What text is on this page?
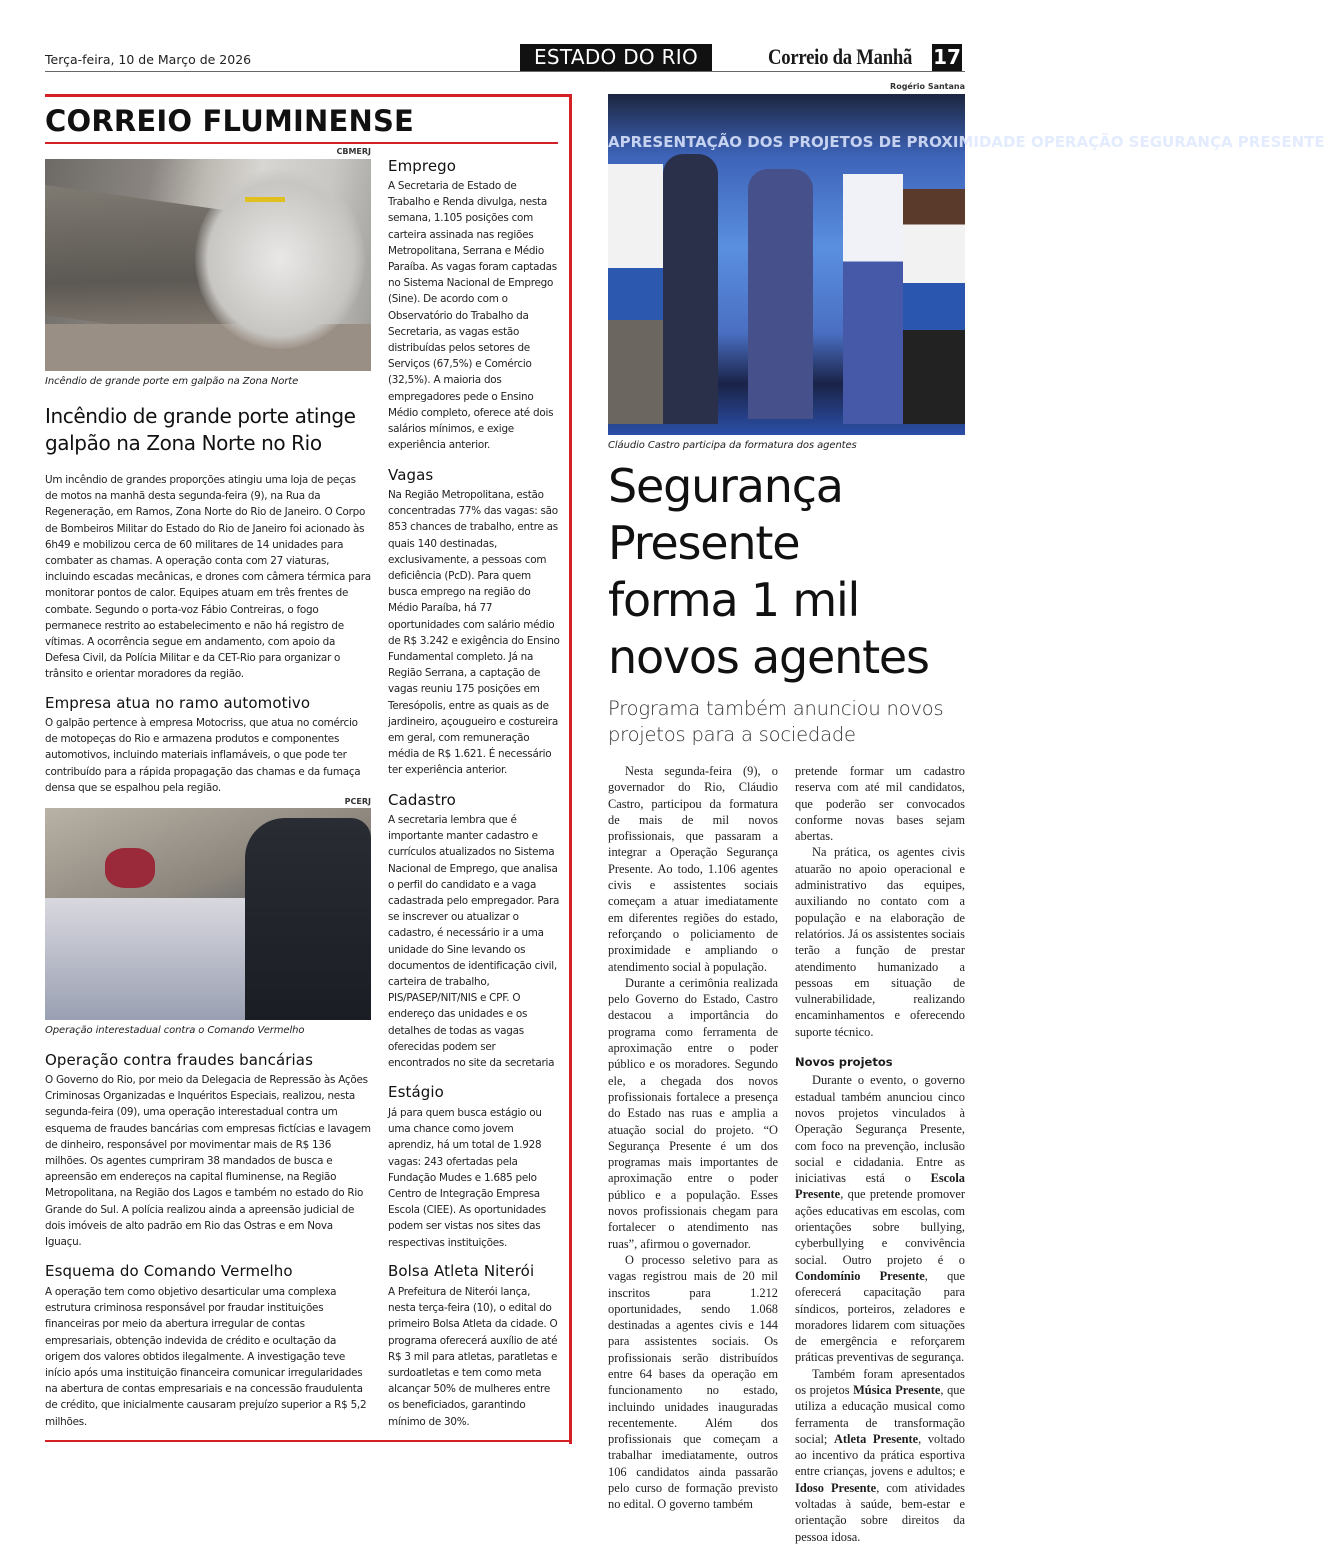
Terça-feira, 10 de Março de 2026	ESTADO DO RIO	Correio da Manhã 17
CORREIO FLUMINENSE
CBMERJ
Incêndio de grande porte em galpão na Zona Norte
Incêndio de grande porte atinge galpão na Zona Norte no Rio
Um incêndio de grandes proporções atingiu uma loja de peças de motos na manhã desta segunda-feira (9), na Rua da Regeneração, em Ramos, Zona Norte do Rio de Janeiro. O Corpo de Bombeiros Militar do Estado do Rio de Janeiro foi acionado às 6h49 e mobilizou cerca de 60 militares de 14 unidades para combater as chamas. A operação conta com 27 viaturas, incluindo escadas mecânicas, e drones com câmera térmica para monitorar pontos de calor. Equipes atuam em três frentes de combate. Segundo o porta-voz Fábio Contreiras, o fogo permanece restrito ao estabelecimento e não há registro de vítimas. A ocorrência segue em andamento, com apoio da Defesa Civil, da Polícia Militar e da CET-Rio para organizar o trânsito e orientar moradores da região.
Empresa atua no ramo automotivo
O galpão pertence à empresa Motocriss, que atua no comércio de motopeças do Rio e armazena produtos e componentes automotivos, incluindo materiais inflamáveis, o que pode ter contribuído para a rápida propagação das chamas e da fumaça densa que se espalhou pela região.
PCERJ
Operação interestadual contra o Comando Vermelho
Operação contra fraudes bancárias
O Governo do Rio, por meio da Delegacia de Repressão às Ações Criminosas Organizadas e Inquéritos Especiais, realizou, nesta segunda-feira (09), uma operação interestadual contra um esquema de fraudes bancárias com empresas fictícias e lavagem de dinheiro, responsável por movimentar mais de R$ 136 milhões. Os agentes cumpriram 38 mandados de busca e apreensão em endereços na capital fluminense, na Região Metropolitana, na Região dos Lagos e também no estado do Rio Grande do Sul. A polícia realizou ainda a apreensão judicial de dois imóveis de alto padrão em Rio das Ostras e em Nova Iguaçu.
Esquema do Comando Vermelho
A operação tem como objetivo desarticular uma complexa estrutura criminosa responsável por fraudar instituições financeiras por meio da abertura irregular de contas empresariais, obtenção indevida de crédito e ocultação da origem dos valores obtidos ilegalmente. A investigação teve início após uma instituição financeira comunicar irregularidades na abertura de contas empresariais e na concessão fraudulenta de crédito, que inicialmente causaram prejuízo superior a R$ 5,2 milhões.
Emprego
A Secretaria de Estado de Trabalho e Renda divulga, nesta semana, 1.105 posições com carteira assinada nas regiões Metropolitana, Serrana e Médio Paraíba. As vagas foram captadas no Sistema Nacional de Emprego (Sine). De acordo com o Observatório do Trabalho da Secretaria, as vagas estão distribuídas pelos setores de Serviços (67,5%) e Comércio (32,5%). A maioria dos empregadores pede o Ensino Médio completo, oferece até dois salários mínimos, e exige experiência anterior.
Vagas
Na Região Metropolitana, estão concentradas 77% das vagas: são 853 chances de trabalho, entre as quais 140 destinadas, exclusivamente, a pessoas com deficiência (PcD). Para quem busca emprego na região do Médio Paraíba, há 77 oportunidades com salário médio de R$ 3.242 e exigência do Ensino Fundamental completo. Já na Região Serrana, a captação de vagas reuniu 175 posições em Teresópolis, entre as quais as de jardineiro, açougueiro e costureira em geral, com remuneração média de R$ 1.621. É necessário ter experiência anterior.
Cadastro
A secretaria lembra que é importante manter cadastro e currículos atualizados no Sistema Nacional de Emprego, que analisa o perfil do candidato e a vaga cadastrada pelo empregador. Para se inscrever ou atualizar o cadastro, é necessário ir a uma unidade do Sine levando os documentos de identificação civil, carteira de trabalho, PIS/PASEP/NIT/NIS e CPF. O endereço das unidades e os detalhes de todas as vagas oferecidas podem ser encontrados no site da secretaria
Estágio
Já para quem busca estágio ou uma chance como jovem aprendiz, há um total de 1.928 vagas: 243 ofertadas pela Fundação Mudes e 1.685 pelo Centro de Integração Empresa Escola (CIEE). As oportunidades podem ser vistas nos sites das respectivas instituições.
Bolsa Atleta Niterói
A Prefeitura de Niterói lança, nesta terça-feira (10), o edital do primeiro Bolsa Atleta da cidade. O programa oferecerá auxílio de até R$ 3 mil para atletas, paratletas e surdoatletas e tem como meta alcançar 50% de mulheres entre os beneficiados, garantindo mínimo de 30%.
Rogério Santana
APRESENTAÇÃO DOS PROJETOS DE PROXIMIDADE OPERAÇÃO SEGURANÇA PRESENTE
Cláudio Castro participa da formatura dos agentes
Segurança
Presente
forma 1 mil
novos agentes
Programa também anunciou novos projetos para a sociedade

Nesta segunda-feira (9), o governador do Rio, Cláudio Castro, participou da formatura de mais de mil novos profissionais, que passaram a integrar a Operação Segurança Presente. Ao todo, 1.106 agentes civis e assistentes sociais começam a atuar imediatamente em diferentes regiões do estado, reforçando o policiamento de proximidade e ampliando o atendimento social à população.

Durante a cerimônia realizada pelo Governo do Estado, Castro destacou a importância do programa como ferramenta de aproximação entre o poder público e os moradores. Segundo ele, a chegada dos novos profissionais fortalece a presença do Estado nas ruas e amplia a atuação social do projeto. “O Segurança Presente é um dos programas mais importantes de aproximação entre o poder público e a população. Esses novos profissionais chegam para fortalecer o atendimento nas ruas”, afirmou o governador.

O processo seletivo para as vagas registrou mais de 20 mil inscritos para 1.212 oportunidades, sendo 1.068 destinadas a agentes civis e 144 para assistentes sociais. Os profissionais serão distribuídos entre 64 bases da operação em funcionamento no estado, incluindo unidades inauguradas recentemente. Além dos profissionais que começam a trabalhar imediatamente, outros 106 candidatos ainda passarão pelo curso de formação previsto no edital. O governo também

pretende formar um cadastro reserva com até mil candidatos, que poderão ser convocados conforme novas bases sejam abertas.

Na prática, os agentes civis atuarão no apoio operacional e administrativo das equipes, auxiliando no contato com a população e na elaboração de relatórios. Já os assistentes sociais terão a função de prestar atendimento humanizado a pessoas em situação de vulnerabilidade, realizando encaminhamentos e oferecendo suporte técnico.

Novos projetos

Durante o evento, o governo estadual também anunciou cinco novos projetos vinculados à Operação Segurança Presente, com foco na prevenção, inclusão social e cidadania. Entre as iniciativas está o Escola Presente, que pretende promover ações educativas em escolas, com orientações sobre bullying, cyberbullying e convivência social. Outro projeto é o Condomínio Presente, que oferecerá capacitação para síndicos, porteiros, zeladores e moradores lidarem com situações de emergência e reforçarem práticas preventivas de segurança.

Também foram apresentados os projetos Música Presente, que utiliza a educação musical como ferramenta de transformação social; Atleta Presente, voltado ao incentivo da prática esportiva entre crianças, jovens e adultos; e Idoso Presente, com atividades voltadas à saúde, bem-estar e orientação sobre direitos da pessoa idosa.
